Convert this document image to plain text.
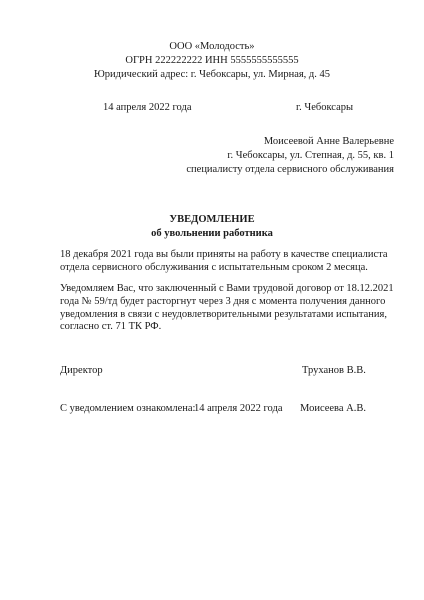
ООО «Молодость»
ОГРН 222222222 ИНН 5555555555555
Юридический адрес: г. Чебоксары, ул. Мирная, д. 45
14 апреля 2022 года	г. Чебоксары
Моисеевой Анне Валерьевне
г. Чебоксары, ул. Степная, д. 55, кв. 1
специалисту отдела сервисного обслуживания
УВЕДОМЛЕНИЕ
об увольнении работника
18 декабря 2021 года вы были приняты на работу в качестве специалиста
отдела сервисного обслуживания с испытательным сроком 2 месяца.
Уведомляем Вас, что заключенный с Вами трудовой договор от 18.12.2021
года № 59/тд будет расторгнут через 3 дня с момента получения данного
уведомления в связи с неудовлетворительными результатами испытания,
согласно ст. 71 ТК РФ.
Директор	Труханов В.В.
С уведомлением ознакомлена:
14 апреля 2022 года Моисеева А.В.
